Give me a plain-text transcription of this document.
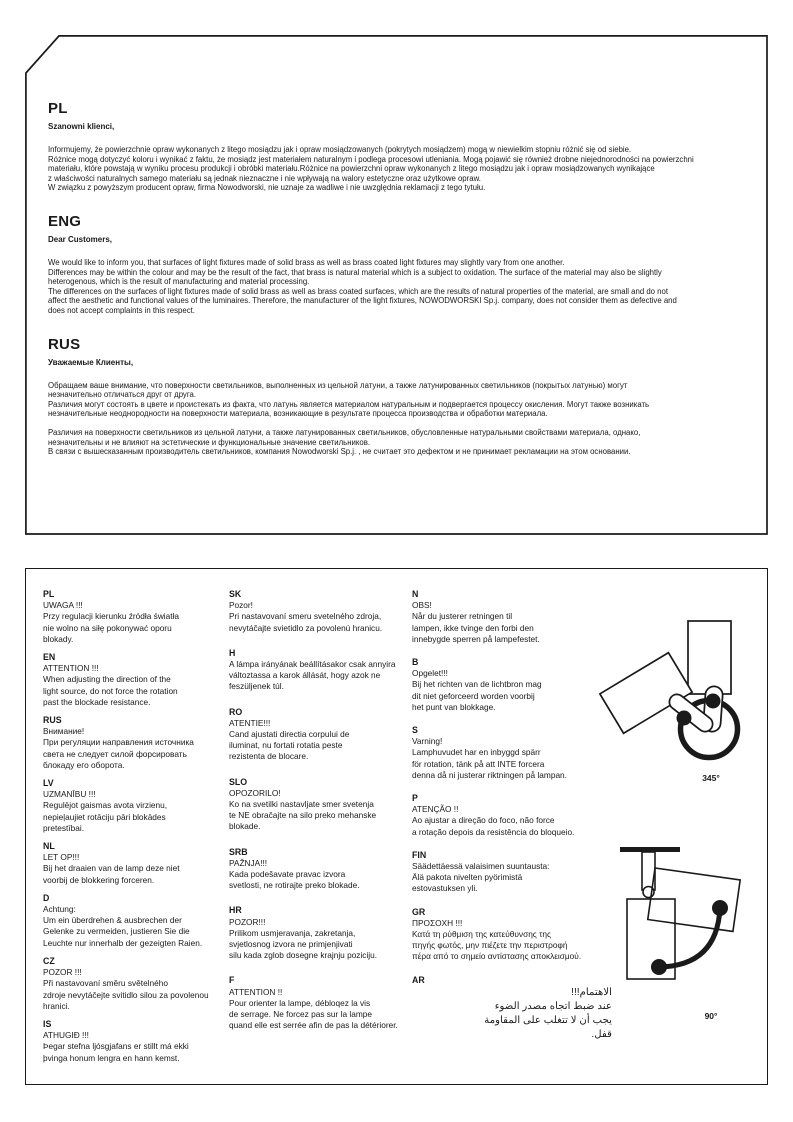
PL
Szanowni klienci,
Informujemy, że powierzchnie opraw wykonanych z litego mosiądzu jak i opraw mosiądzowanych (pokrytych mosiądzem) mogą w niewielkim stopniu różnić się od siebie.
Różnice mogą dotyczyć koloru i wynikać z faktu, że mosiądz jest materiałem naturalnym i podlega procesowi utleniania. Mogą pojawić się również drobne niejednorodności na powierzchni
materiału, które powstają w wyniku procesu produkcji i obróbki materiału.Różnice na powierzchni opraw wykonanych z litego mosiądzu jak i opraw mosiądzowanych wynikające
z właściwości naturalnych samego materiału są jednak nieznaczne i nie wpływają na walory estetyczne oraz użytkowe opraw.
W związku z powyższym producent opraw, firma Nowodworski, nie uznaje za wadliwe i nie uwzględnia reklamacji z tego tytułu.
ENG
Dear Customers,
We would like to inform you, that surfaces of light fixtures made of solid brass as well as brass coated light fixtures may slightly vary from one another.
Differences may be within the colour and may be the result of the fact, that brass is natural material which is a subject to oxidation. The surface of the material may also be slightly
heterogenous, which is the result of manufacturing and material processing.
The differences on the surfaces of light fixtures made of solid brass as well as brass coated surfaces, which are the results of natural properties of the material, are small and do not
affect the aesthetic and functional values of the luminaires. Therefore, the manufacturer of the light fixtures, NOWODWORSKI Sp.j. company, does not consider them as defective and
does not accept complaints in this respect.
RUS
Уважаемые Клиенты,
Обращаем ваше внимание, что поверхности светильников, выполненных из цельной латуни, а также латунированных светильников (покрытых латунью) могут
незначительно отличаться друг от друга.
Различия могут состоять в цвете и проистекать из факта, что латунь является материалом натуральным и подвергается процессу окисления. Могут также возникать
незначительные неоднородности на поверхности материала, возникающие в результате процесса производства и обработки материала.
Различия на поверхности светильников из цельной латуни, а также латунированных светильников, обусловленные натуральными свойствами материала, однако,
незначительны и не влияют на эстетические и функциональные значение светильников.
В связи с вышесказанным производитель светильников, компания Nowodworski Sp.j. , не считает это дефектом и не принимает рекламации на этом основании.
PL
UWAGA !!!
Przy regulacji kierunku źródła światła
nie wolno na siłę pokonywać oporu
blokady.
EN
ATTENTION !!!
When adjusting the direction of the
light source, do not force the rotation
past the blockade resistance.
RUS
Внимание!
При регуляции направления источника
света не следует силой форсировать
блокаду его оборота.
LV
UZMANĪBU !!!
Regulējot gaismas avota virzienu,
nepieļaujiet rotāciju pāri blokādes
pretestībai.
NL
LET OP!!!
Bij het draaien van de lamp deze niet
voorbij de blokkering forceren.
D
Achtung:
Um ein überdrehen & ausbrechen der
Gelenke zu vermeiden, justieren Sie die
Leuchte nur innerhalb der gezeigten Raien.
CZ
POZOR !!!
Při nastavovaní směru světelného
zdroje nevytáčejte svitidlo silou za povolenou
hranici.
IS
ATHUGIÐ !!!
Þegar stefna ljósgjafans er stillt má ekki
þvinga honum lengra en hann kemst.
SK
Pozor!
Pri nastavovaní smeru svetelného zdroja,
nevytáčajte svietidlo za povolenú hranicu.
H
A lámpa irányának beállításakor csak annyira
változtassa a karok állását, hogy azok ne
feszüljenek túl.
RO
ATENTIE!!!
Cand ajustati directia corpului de
iluminat, nu fortati rotatia peste
rezistenta de blocare.
SLO
OPOZORILO!
Ko na svetilki nastavljate smer svetenja
te NE obračajte na silo preko mehanske
blokade.
SRB
PAŽNJA!!!
Kada podešavate pravac izvora
svetlosti, ne rotirajte preko blokade.
HR
POZOR!!!
Prilikom usmjeravanja, zakretanja,
svjetlosnog izvora ne primjenjivati
silu kada zglob dosegne krajnju poziciju.
F
ATTENTION !!
Pour orienter la lampe, débloqez la vis
de serrage. Ne forcez pas sur la lampe
quand elle est serrée afin de pas la détériorer.
N
OBS!
Når du justerer retningen til
lampen, ikke tvinge den forbi den
innebygde sperren på lampefestet.
B
Opgelet!!!
Bij het richten van de lichtbron mag
dit niet geforceerd worden voorbij
het punt van blokkage.
S
Varning!
Lamphuvudet har en inbyggd spärr
för rotation, tänk på att INTE forcera
denna då ni justerar riktningen på lampan.
P
ATENÇÃO !!
Ao ajustar a direção do foco, não force
a rotação depois da resistência do bloqueio.
FIN
Säädettäessä valaisimen suuntausta:
Älä pakota nivelten pyörimistä
estovastuksen yli.
GR
ΠΡΟΣΟΧΗ !!!
Κατά τη ρύθμιση της κατεύθυνσης της
πηγής φωτός, μην πιέζετε την περιστροφή
πέρα από το σημείο αντίστασης αποκλεισμού.
AR
الاهتمام!!!
عند ضبط اتجاه مصدر الضوء
يجب أن لا تتغلب على المقاومة
قفل.
345°
90°
